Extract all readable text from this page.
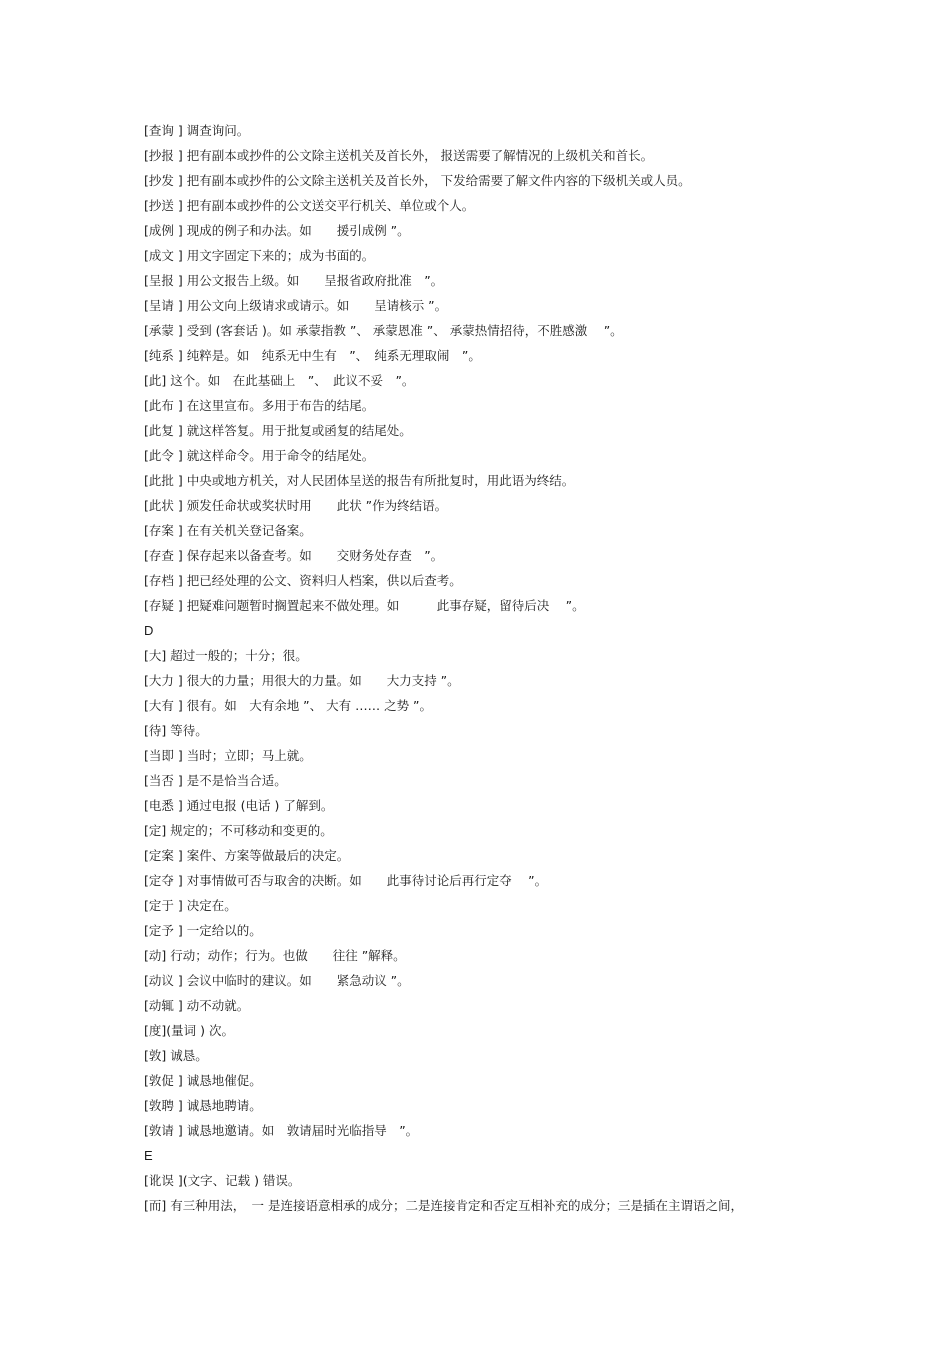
[查询 ] 调查询问。
[抄报 ] 把有副本或抄件的公文除主送机关及首长外， 报送需要了解情况的上级机关和首长。
[抄发 ] 把有副本或抄件的公文除主送机关及首长外， 下发给需要了解文件内容的下级机关或人员。
[抄送 ] 把有副本或抄件的公文送交平行机关、单位或个人。
[成例 ] 现成的例子和办法。如　　援引成例 ”。
[成文 ] 用文字固定下来的；成为书面的。
[呈报 ] 用公文报告上级。如　　呈报省政府批准　”。
[呈请 ] 用公文向上级请求或请示。如　　呈请核示 ”。
[承蒙 ] 受到 (客套话 )。如 承蒙指教 ”、 承蒙恩准 ”、 承蒙热情招待，不胜感激　 ”。
[纯系 ] 纯粹是。如　纯系无中生有　”、　纯系无理取闹　”。
[此] 这个。如　在此基础上　”、　此议不妥　”。
[此布 ] 在这里宣布。多用于布告的结尾。
[此复 ] 就这样答复。用于批复或函复的结尾处。
[此令 ] 就这样命令。用于命令的结尾处。
[此批 ] 中央或地方机关，对人民团体呈送的报告有所批复时，用此语为终结。
[此状 ] 颁发任命状或奖状时用　　此状 ”作为终结语。
[存案 ] 在有关机关登记备案。
[存查 ] 保存起来以备查考。如　　交财务处存查　”。
[存档 ] 把已经处理的公文、资料归人档案，供以后查考。
[存疑 ] 把疑难问题暂时搁置起来不做处理。如　　　此事存疑，留待后决　 ”。
D
[大] 超过一般的；十分；很。
[大力 ] 很大的力量；用很大的力量。如　　大力支持 ”。
[大有 ] 很有。如　大有余地 ”、 大有 …… 之势 ”。
[待] 等待。
[当即 ] 当时；立即；马上就。
[当否 ] 是不是恰当合适。
[电悉 ] 通过电报 (电话 ) 了解到。
[定] 规定的；不可移动和变更的。
[定案 ] 案件、方案等做最后的决定。
[定夺 ] 对事情做可否与取舍的决断。如　　此事待讨论后再行定夺　 ”。
[定于 ] 决定在。
[定予 ] 一定给以的。
[动] 行动；动作；行为。也做　　往往 ”解释。
[动议 ] 会议中临时的建议。如　　紧急动议 ”。
[动辄 ] 动不动就。
[度](量词 ) 次。
[敦] 诚恳。
[敦促 ] 诚恳地催促。
[敦聘 ] 诚恳地聘请。
[敦请 ] 诚恳地邀请。如　敦请届时光临指导　”。
E
[讹误 ](文字、记载 ) 错误。
[而] 有三种用法，　一 是连接语意相承的成分；二是连接肯定和否定互相补充的成分；三是插在主谓语之间，
